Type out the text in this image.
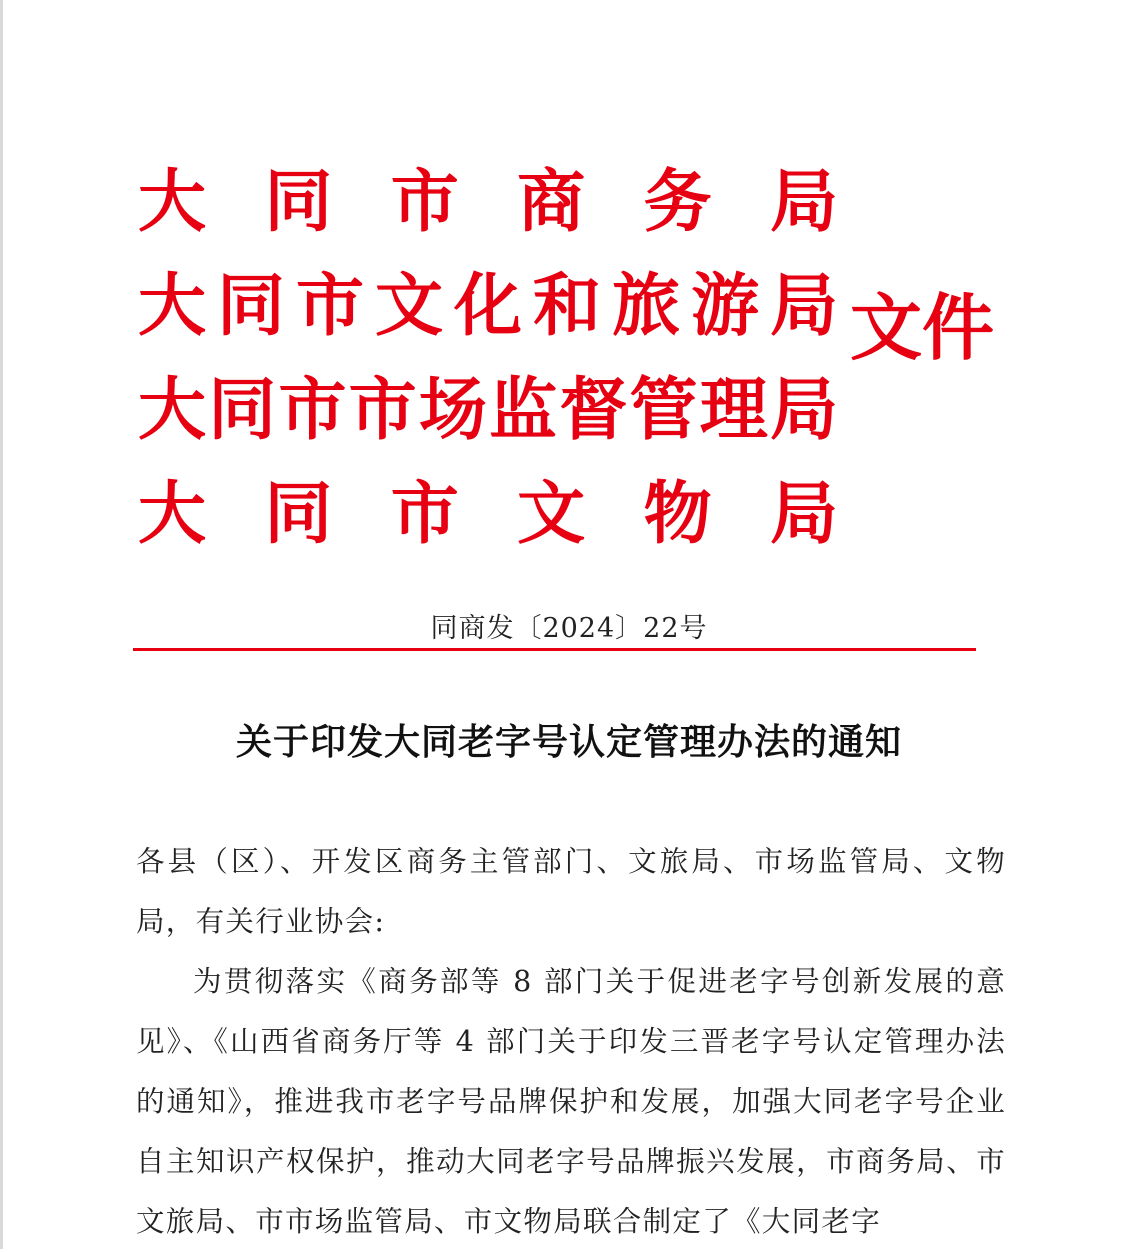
大 同 市 商 务 局
大 同 市 文 化 和 旅 游 局
大 同 市 市 场 监 督 管 理 局
大 同 市 文 物 局
文件
同商发〔2024〕22号
关于印发大同老字号认定管理办法的通知

各县（区）、开发区商务主管部门、文旅局、市场监管局、文物局，有关行业协会:

为贯彻落实《商务部等 8 部门关于促进老字号创新发展的意见》、《山西省商务厅等 4 部门关于印发三晋老字号认定管理办法的通知》，推进我市老字号品牌保护和发展，加强大同老字号企业自主知识产权保护，推动大同老字号品牌振兴发展，市商务局、市文旅局、市市场监管局、市文物局联合制定了《大同老字
